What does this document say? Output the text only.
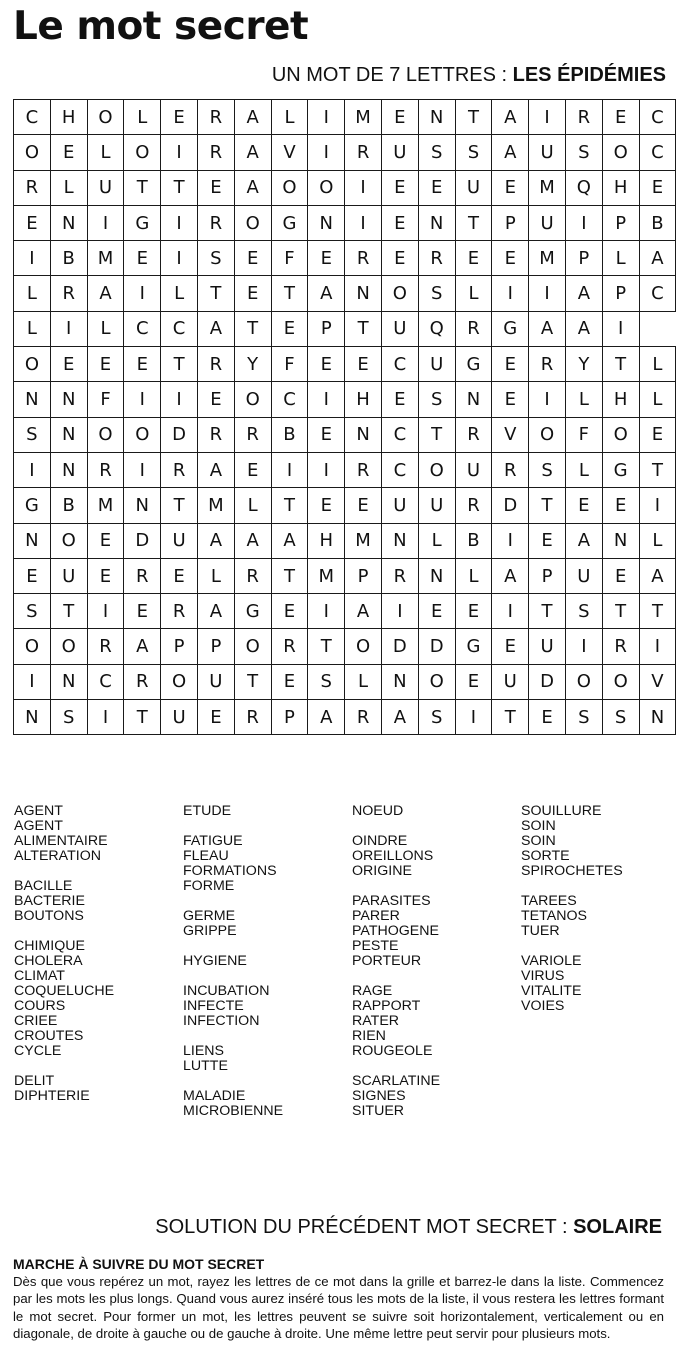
Le mot secret
UN MOT DE 7 LETTRES : LES ÉPIDÉMIES
C	H	O	L	E	R	A	L	I	M	E	N	T	A	I	R	E	C
O	E	L	O	I	R	A	V	I	R	U	S	S	A	U	S	O	C
R	L	U	T	T	E	A	O	O	I	E	E	U	E	M	Q	H	E
E	N	I	G	I	R	O	G	N	I	E	N	T	P	U	I	P	B
I	B	M	E	I	S	E	F	E	R	E	R	E	E	M	P	L	A
L	R	A	I	L	T	E	T	A	N	O	S	L	I	I	A	P	C
L	I	L	C	C	A	T	E	P	T	U	Q	R	G	A	A	I	
O	E	E	E	T	R	Y	F	E	E	C	U	G	E	R	Y	T	L
N	N	F	I	I	E	O	C	I	H	E	S	N	E	I	L	H	L
S	N	O	O	D	R	R	B	E	N	C	T	R	V	O	F	O	E
I	N	R	I	R	A	E	I	I	R	C	O	U	R	S	L	G	T
G	B	M	N	T	M	L	T	E	E	U	U	R	D	T	E	E	I
N	O	E	D	U	A	A	A	H	M	N	L	B	I	E	A	N	L
E	U	E	R	E	L	R	T	M	P	R	N	L	A	P	U	E	A
S	T	I	E	R	A	G	E	I	A	I	E	E	I	T	S	T	T
O	O	R	A	P	P	O	R	T	O	D	D	G	E	U	I	R	I
I	N	C	R	O	U	T	E	S	L	N	O	E	U	D	O	O	V
N	S	I	T	U	E	R	P	A	R	A	S	I	T	E	S	S	N
AGENT
AGENT
ALIMENTAIRE
ALTERATION
BACILLE
BACTERIE
BOUTONS
CHIMIQUE
CHOLERA
CLIMAT
COQUELUCHE
COURS
CRIEE
CROUTES
CYCLE
DELIT
DIPHTERIE
ETUDE
FATIGUE
FLEAU
FORMATIONS
FORME
GERME
GRIPPE
HYGIENE
INCUBATION
INFECTE
INFECTION
LIENS
LUTTE
MALADIE
MICROBIENNE
NOEUD
OINDRE
OREILLONS
ORIGINE
PARASITES
PARER
PATHOGENE
PESTE
PORTEUR
RAGE
RAPPORT
RATER
RIEN
ROUGEOLE
SCARLATINE
SIGNES
SITUER
SOUILLURE
SOIN
SOIN
SORTE
SPIROCHETES
TAREES
TETANOS
TUER
VARIOLE
VIRUS
VITALITE
VOIES
SOLUTION DU PRÉCÉDENT MOT SECRET : SOLAIRE
MARCHE À SUIVRE DU MOT SECRET
Dès que vous repérez un mot, rayez les lettres de ce mot dans la grille et barrez-le dans la liste. Commencez par les mots les plus longs. Quand vous aurez inséré tous les mots de la liste, il vous restera les lettres formant le mot secret. Pour former un mot, les lettres peuvent se suivre soit horizontalement, verticalement ou en diagonale, de droite à gauche ou de gauche à droite. Une même lettre peut servir pour plusieurs mots.
